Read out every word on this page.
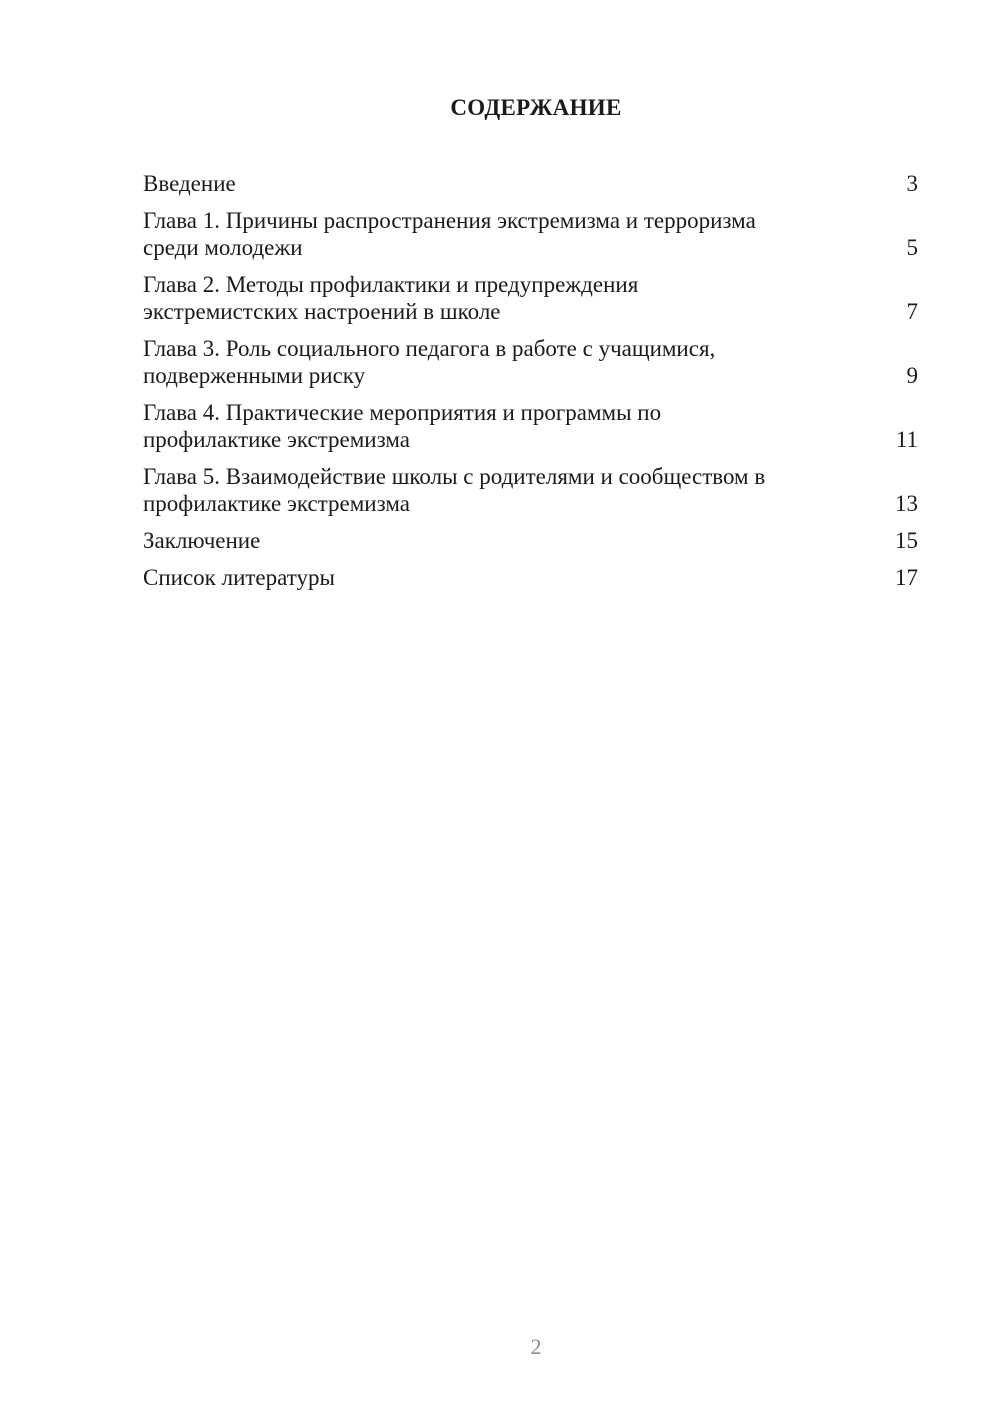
СОДЕРЖАНИЕ
Введение	3
Глава 1. Причины распространения экстремизма и терроризма
среди молодежи	5
Глава 2. Методы профилактики и предупреждения
экстремистских настроений в школе	7
Глава 3. Роль социального педагога в работе с учащимися,
подверженными риску	9
Глава 4. Практические мероприятия и программы по
профилактике экстремизма	11
Глава 5. Взаимодействие школы с родителями и сообществом в
профилактике экстремизма	13
Заключение	15
Список литературы	17
2
